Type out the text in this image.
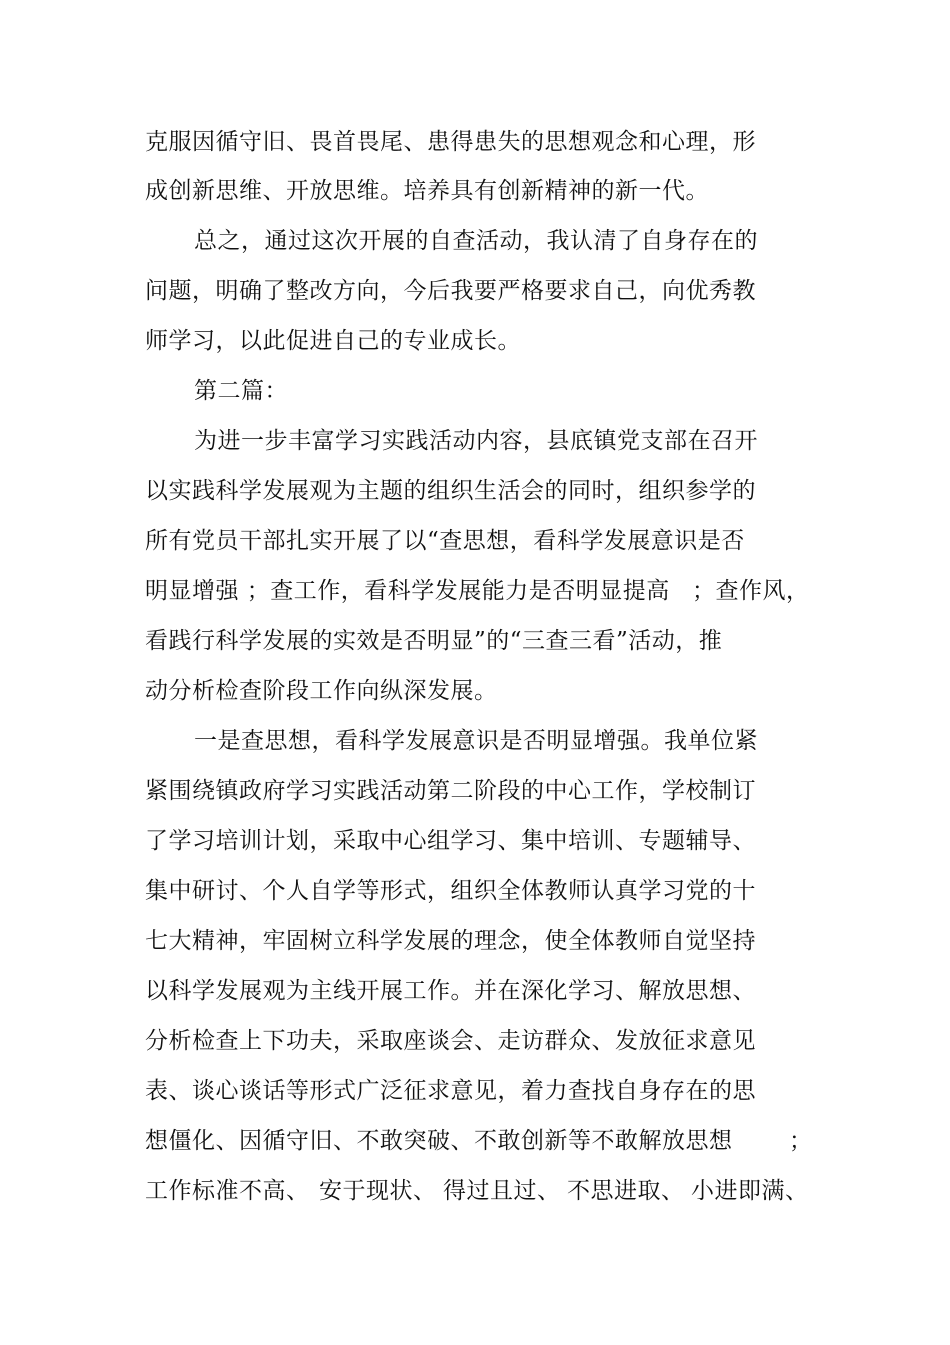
克服因循守旧、畏首畏尾、患得患失的思想观念和心理，形
成创新思维、开放思维。培养具有创新精神的新一代。
总之，通过这次开展的自查活动，我认清了自身存在的
问题，明确了整改方向，今后我要严格要求自己，向优秀教
师学习，以此促进自己的专业成长。
第二篇：
为进一步丰富学习实践活动内容，县底镇党支部在召开
以实践科学发展观为主题的组织生活会的同时，组织参学的
所有党员干部扎实开展了以“查思想，看科学发展意识是否
明显增强 ；查工作，看科学发展能力是否明显提高 ；查作风，
看践行科学发展的实效是否明显”的“三查三看”活动，推
动分析检查阶段工作向纵深发展。
一是查思想，看科学发展意识是否明显增强。我单位紧
紧围绕镇政府学习实践活动第二阶段的中心工作，学校制订
了学习培训计划，采取中心组学习、集中培训、专题辅导、
集中研讨、个人自学等形式，组织全体教师认真学习党的十
七大精神，牢固树立科学发展的理念，使全体教师自觉坚持
以科学发展观为主线开展工作。并在深化学习、解放思想、
分析检查上下功夫，采取座谈会、走访群众、发放征求意见
表、谈心谈话等形式广泛征求意见，着力查找自身存在的思
想僵化、因循守旧、不敢突破、不敢创新等不敢解放思想 ；
工作标准不高、 安于现状、 得过且过、 不思进取、 小进即满、
